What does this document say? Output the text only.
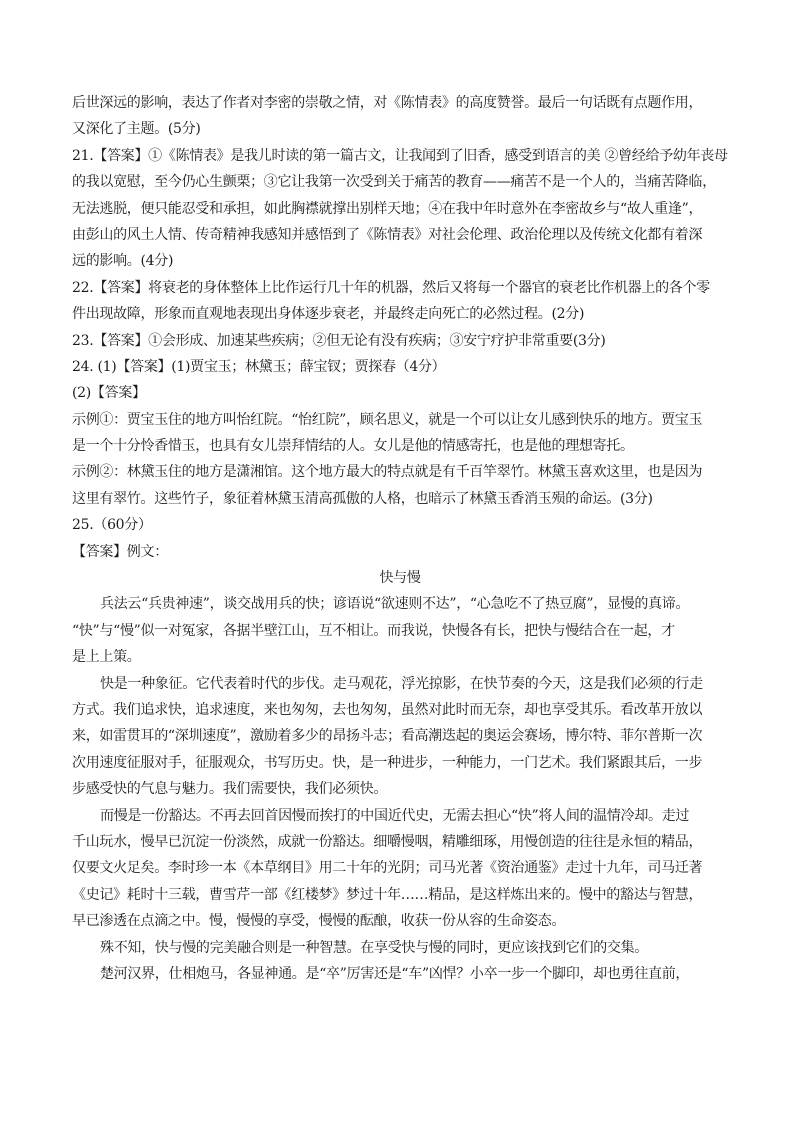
后世深远的影响，表达了作者对李密的崇敬之情，对《陈情表》的高度赞誉。最后一句话既有点题作用，
又深化了主题。(5分)
21.【答案】①《陈情表》是我儿时读的第一篇古文，让我闻到了旧香，感受到语言的美 ②曾经给予幼年丧母
的我以宽慰，至今仍心生颤栗；③它让我第一次受到关于痛苦的教育——痛苦不是一个人的，当痛苦降临，
无法逃脱，便只能忍受和承担，如此胸襟就撑出别样天地；④在我中年时意外在李密故乡与“故人重逢”，
由彭山的风土人情、传奇精神我感知并感悟到了《陈情表》对社会伦理、政治伦理以及传统文化都有着深
远的影响。(4分)
22.【答案】将衰老的身体整体上比作运行几十年的机器，然后又将每一个器官的衰老比作机器上的各个零
件出现故障，形象而直观地表现出身体逐步衰老，并最终走向死亡的必然过程。(2分)
23.【答案】①会形成、加速某些疾病；②但无论有没有疾病；③安宁疗护非常重要(3分)
24. (1)【答案】(1)贾宝玉；林黛玉；薛宝钗；贾探春（4分）
(2)【答案】
示例①：贾宝玉住的地方叫怡红院。“怡红院”，顾名思义，就是一个可以让女儿感到快乐的地方。贾宝玉
是一个十分怜香惜玉，也具有女儿崇拜情结的人。女儿是他的情感寄托，也是他的理想寄托。
示例②：林黛玉住的地方是潇湘馆。这个地方最大的特点就是有千百竿翠竹。林黛玉喜欢这里，也是因为
这里有翠竹。这些竹子，象征着林黛玉清高孤傲的人格，也暗示了林黛玉香消玉殒的命运。(3分)
25.（60分）
【答案】例文：
快与慢
兵法云“兵贵神速”，谈交战用兵的快；谚语说“欲速则不达”，“心急吃不了热豆腐”，显慢的真谛。
“快”与“慢”似一对冤家，各据半壁江山，互不相让。而我说，快慢各有长，把快与慢结合在一起，才
是上上策。
快是一种象征。它代表着时代的步伐。走马观花，浮光掠影，在快节奏的今天，这是我们必须的行走
方式。我们追求快，追求速度，来也匆匆，去也匆匆，虽然对此时而无奈，却也享受其乐。看改革开放以
来，如雷贯耳的“深圳速度”，激励着多少的昂扬斗志；看高潮迭起的奥运会赛场，博尔特、菲尔普斯一次
次用速度征服对手，征服观众，书写历史。快，是一种进步，一种能力，一门艺术。我们紧跟其后，一步
步感受快的气息与魅力。我们需要快，我们必须快。
而慢是一份豁达。不再去回首因慢而挨打的中国近代史，无需去担心“快”将人间的温情冷却。走过
千山玩水，慢早已沉淀一份淡然，成就一份豁达。细嚼慢咽，精雕细琢，用慢创造的往往是永恒的精品，
仅要文火足矣。李时珍一本《本草纲目》用二十年的光阴；司马光著《资治通鉴》走过十九年，司马迁著
《史记》耗时十三载，曹雪芹一部《红楼梦》梦过十年……精品，是这样炼出来的。慢中的豁达与智慧，
早已渗透在点滴之中。慢，慢慢的享受，慢慢的酝酿，收获一份从容的生命姿态。
殊不知，快与慢的完美融合则是一种智慧。在享受快与慢的同时，更应该找到它们的交集。
楚河汉界，仕相炮马，各显神通。是“卒”厉害还是“车”凶悍？小卒一步一个脚印，却也勇往直前，
